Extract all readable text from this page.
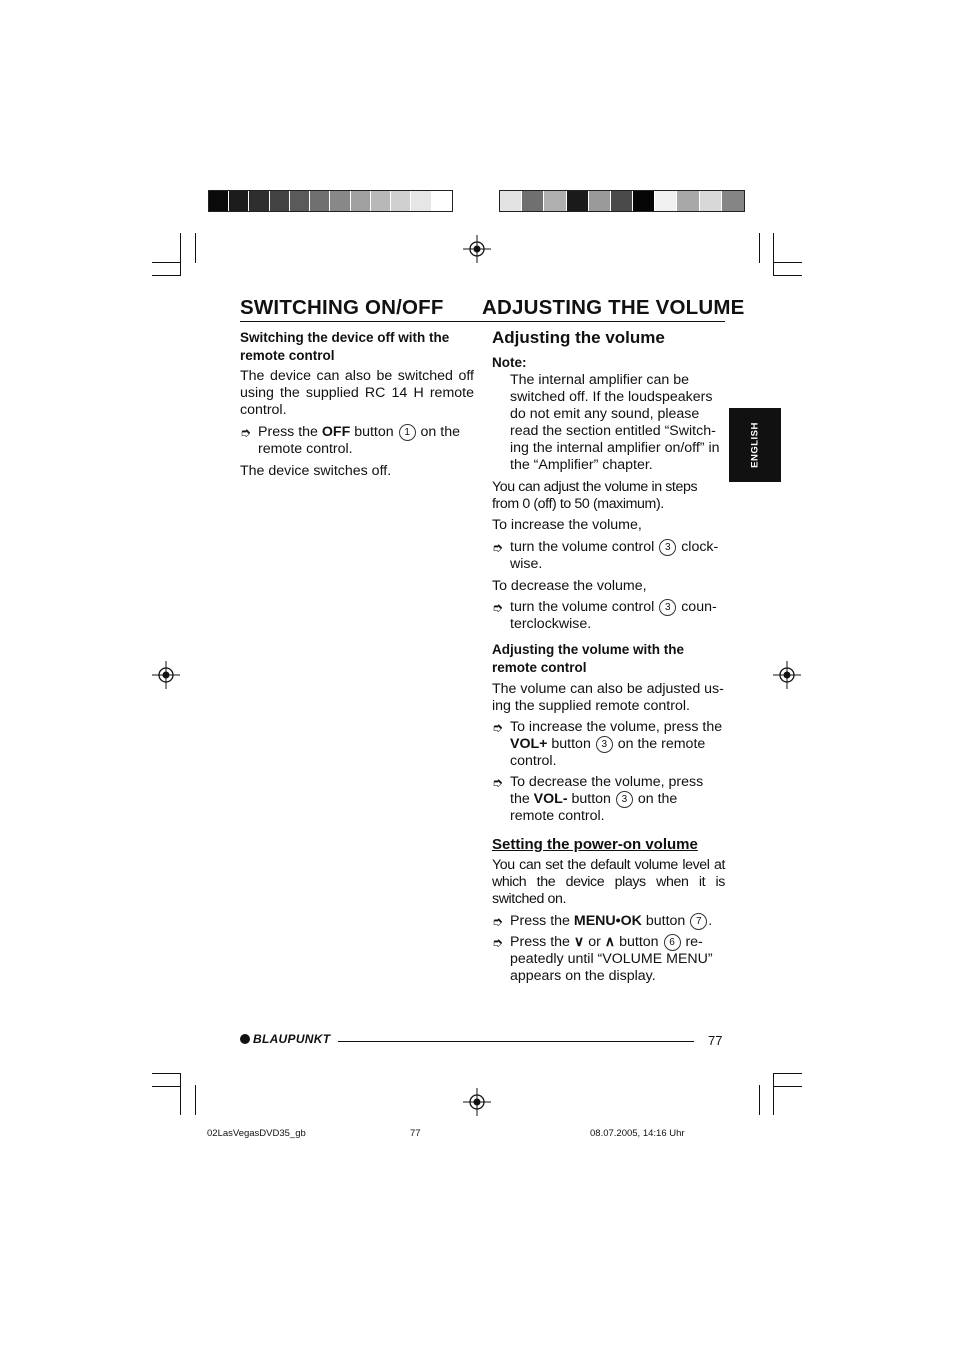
SWITCHING ON/OFF ADJUSTING THE VOLUME

Switching the device off with the remote control

The device can also be switched off using the supplied RC 14 H remote control.

➮ Press the OFF button 1 on the remote control.

The device switches off.

Adjusting the volume

Note:

The internal amplifier can be switched off. If the loudspeakers do not emit any sound, please read the section entitled “Switch-ing the internal amplifier on/off” in the “Amplifier” chapter.

You can adjust the volume in steps from 0 (off) to 50 (maximum).

To increase the volume,

➮ turn the volume control 3 clock-wise.

To decrease the volume,

➮ turn the volume control 3 coun-terclockwise.

Adjusting the volume with the remote control

The volume can also be adjusted us-ing the supplied remote control.

➮ To increase the volume, press the VOL+ button 3 on the remote control.
➮ To decrease the volume, press the VOL- button 3 on the remote control.

Setting the power-on volume

You can set the default volume level at which the device plays when it is switched on.

➮ Press the MENU•OK button 7 .
➮ Press the ∨ or ∧ button 6 re-peatedly until “VOLUME MENU” appears on the display.
ENGLISH
BLAUPUNKT	77
02LasVegasDVD35_gb	77	08.07.2005, 14:16 Uhr
